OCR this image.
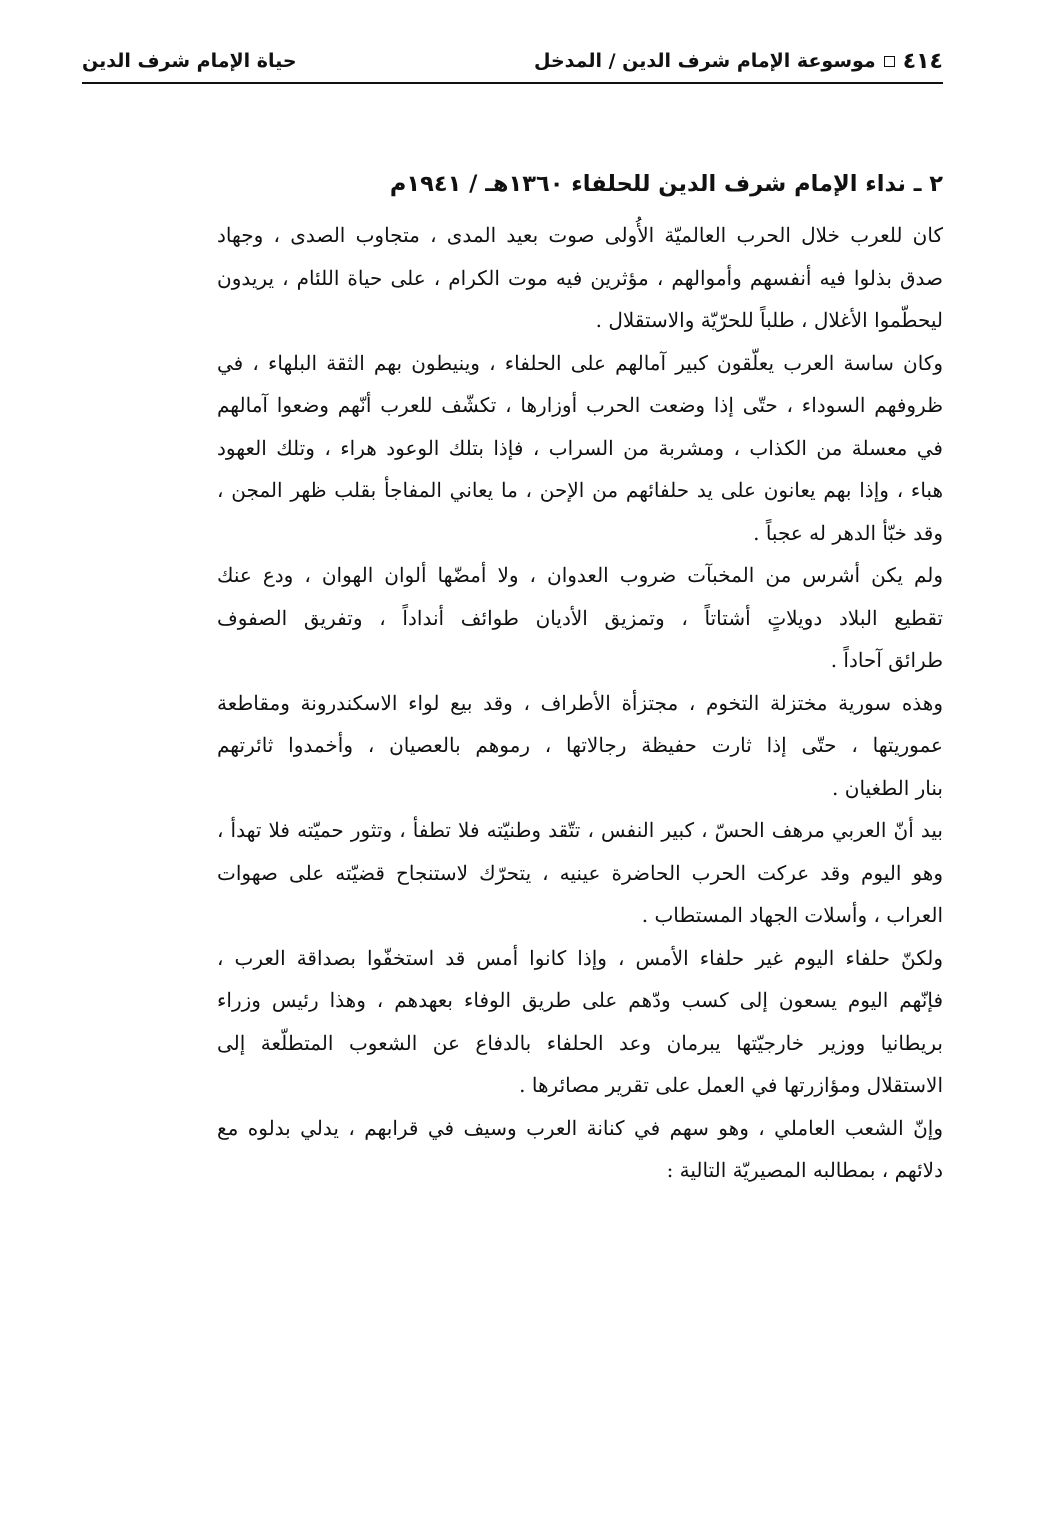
٤١٤
موسوعة الإمام شرف الدين / المدخل
حياة الإمام شرف الدين
٢ ـ نداء الإمام شرف الدين للحلفاء ١٣٦٠هـ / ١٩٤١م
كان للعرب خلال الحرب العالميّة الأُولى صوت بعيد المدى ، متجاوب الصدى ، وجهاد
صدق بذلوا فيه أنفسهم وأموالهم ، مؤثرين فيه موت الكرام ، على حياة اللئام ، يريدون
ليحطّموا الأغلال ، طلباً للحرّيّة والاستقلال .
وكان ساسة العرب يعلّقون كبير آمالهم على الحلفاء ، وينيطون بهم الثقة البلهاء ، في
ظروفهم السوداء ، حتّى إذا وضعت الحرب أوزارها ، تكشّف للعرب أنّهم وضعوا آمالهم
في معسلة من الكذاب ، ومشربة من السراب ، فإذا بتلك الوعود هراء ، وتلك العهود
هباء ، وإذا بهم يعانون على يد حلفائهم من الإحن ، ما يعاني المفاجأ بقلب ظهر المجن ،
وقد خبّأ الدهر له عجباً .
ولم يكن أشرس من المخبآت ضروب العدوان ، ولا أمضّها ألوان الهوان ، ودع عنك
تقطيع البلاد دويلاتٍ أشتاتاً ، وتمزيق الأديان طوائف أنداداً ، وتفريق الصفوف
طرائق آحاداً .
وهذه سورية مختزلة التخوم ، مجتزأة الأطراف ، وقد بيع لواء الاسكندرونة ومقاطعة
عموريتها ، حتّى إذا ثارت حفيظة رجالاتها ، رموهم بالعصيان ، وأخمدوا ثائرتهم
بنار الطغيان .
بيد أنّ العربي مرهف الحسّ ، كبير النفس ، تتّقد وطنيّته فلا تطفأ ، وتثور حميّته فلا تهدأ ،
وهو اليوم وقد عركت الحرب الحاضرة عينيه ، يتحرّك لاستنجاح قضيّته على صهوات
العراب ، وأسلات الجهاد المستطاب .
ولكنّ حلفاء اليوم غير حلفاء الأمس ، وإذا كانوا أمس قد استخفّوا بصداقة العرب ،
فإنّهم اليوم يسعون إلى كسب ودّهم على طريق الوفاء بعهدهم ، وهذا رئيس وزراء
بريطانيا ووزير خارجيّتها يبرمان وعد الحلفاء بالدفاع عن الشعوب المتطلّعة إلى
الاستقلال ومؤازرتها في العمل على تقرير مصائرها .
وإنّ الشعب العاملي ، وهو سهم في كنانة العرب وسيف في قرابهم ، يدلي بدلوه مع
دلائهم ، بمطالبه المصيريّة التالية :
